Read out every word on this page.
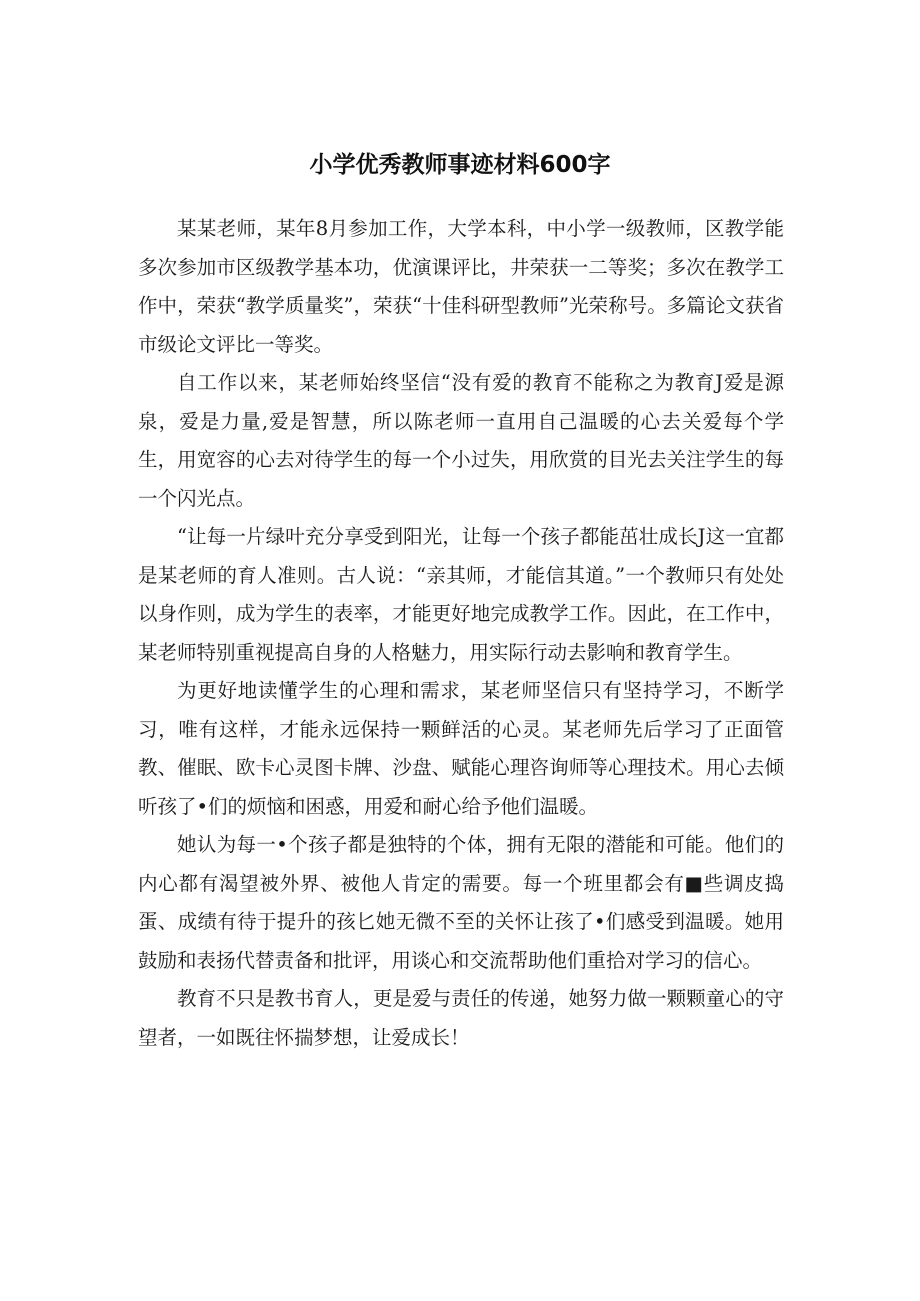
小学优秀教师事迹材料600字

某某老师，某年8月参加工作，大学本科，中小学一级教师，区教学能多次参加市区级教学基本功，优演课评比，井荣获一二等奖；多次在教学工作中，荣获“教学质量奖”，荣获“十佳科研型教师”光荣称号。多篇论文获省市级论文评比一等奖。

自工作以来，某老师始终坚信“没有爱的教育不能称之为教育J爱是源泉，爱是力量,爱是智慧，所以陈老师一直用自己温暖的心去关爱每个学生，用宽容的心去对待学生的每一个小过失，用欣赏的目光去关注学生的每一个闪光点。

“让每一片绿叶充分享受到阳光，让每一个孩子都能茁壮成长J这一宜都是某老师的育人准则。古人说：“亲其师，才能信其道。”一个教师只有处处以身作则，成为学生的表率，才能更好地完成教学工作。因此，在工作中，某老师特别重视提高自身的人格魅力，用实际行动去影响和教育学生。

为更好地读懂学生的心理和需求，某老师坚信只有坚持学习，不断学习，唯有这样，才能永远保持一颗鲜活的心灵。某老师先后学习了正面管教、催眠、欧卡心灵图卡牌、沙盘、赋能心理咨询师等心理技术。用心去倾听孩了•们的烦恼和困惑，用爱和耐心给予他们温暖。

她认为每一•个孩子都是独特的个体，拥有无限的潜能和可能。他们的内心都有渴望被外界、被他人肯定的需要。每一个班里都会有■些调皮捣蛋、成绩有待于提升的孩匕她无微不至的关怀让孩了•们感受到温暖。她用鼓励和表扬代替责备和批评，用谈心和交流帮助他们重拾对学习的信心。

教育不只是教书育人，更是爱与责任的传递，她努力做一颗颗童心的守望者，一如既往怀揣梦想，让爱成长！
